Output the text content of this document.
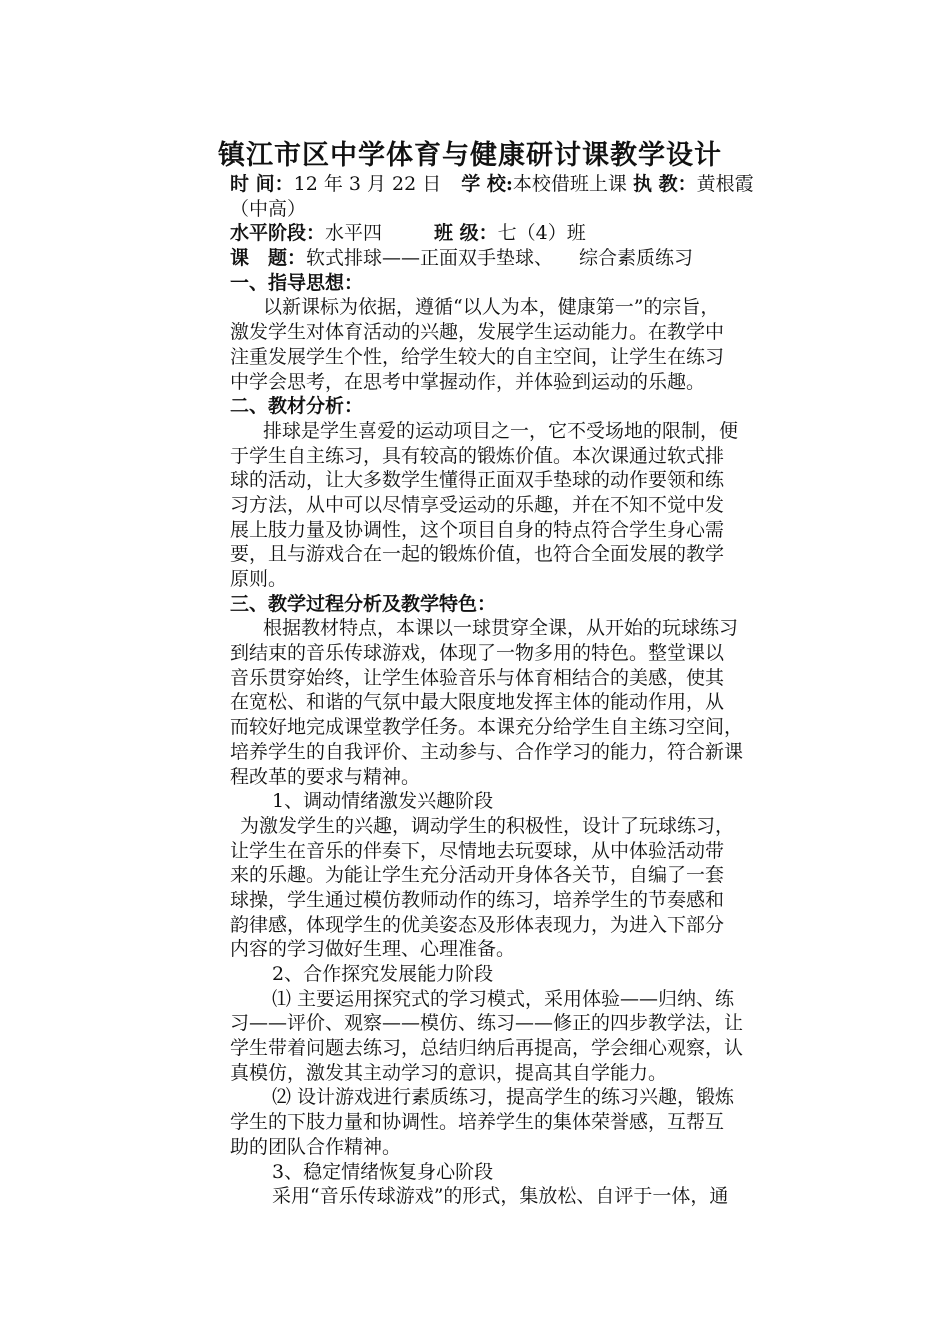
镇江市区中学体育与健康研讨课教学设计
时 间：12 年 3 月 22 日 学 校:本校借班上课 执 教：黄根霞
（中高）
水平阶段：水平四	班 级：七（4）班
课　题：软式排球——正面双手垫球、 综合素质练习
一、指导思想：
以新课标为依据，遵循“以人为本，健康第一”的宗旨，
激发学生对体育活动的兴趣，发展学生运动能力。在教学中
注重发展学生个性，给学生较大的自主空间，让学生在练习
中学会思考，在思考中掌握动作，并体验到运动的乐趣。
二、教材分析：
排球是学生喜爱的运动项目之一，它不受场地的限制，便
于学生自主练习，具有较高的锻炼价值。本次课通过软式排
球的活动，让大多数学生懂得正面双手垫球的动作要领和练
习方法，从中可以尽情享受运动的乐趣，并在不知不觉中发
展上肢力量及协调性，这个项目自身的特点符合学生身心需
要，且与游戏合在一起的锻炼价值，也符合全面发展的教学
原则。
三、教学过程分析及教学特色：
根据教材特点，本课以一球贯穿全课，从开始的玩球练习
到结束的音乐传球游戏，体现了一物多用的特色。整堂课以
音乐贯穿始终，让学生体验音乐与体育相结合的美感，使其
在宽松、和谐的气氛中最大限度地发挥主体的能动作用，从
而较好地完成课堂教学任务。本课充分给学生自主练习空间，
培养学生的自我评价、主动参与、合作学习的能力，符合新课
程改革的要求与精神。
1、调动情绪激发兴趣阶段
为激发学生的兴趣，调动学生的积极性，设计了玩球练习，
让学生在音乐的伴奏下，尽情地去玩耍球，从中体验活动带
来的乐趣。为能让学生充分活动开身体各关节，自编了一套
球操，学生通过模仿教师动作的练习，培养学生的节奏感和
韵律感，体现学生的优美姿态及形体表现力，为进入下部分
内容的学习做好生理、心理准备。
2、合作探究发展能力阶段
⑴ 主要运用探究式的学习模式，采用体验——归纳、练
习——评价、观察——模仿、练习——修正的四步教学法，让
学生带着问题去练习，总结归纳后再提高，学会细心观察，认
真模仿，激发其主动学习的意识，提高其自学能力。
⑵ 设计游戏进行素质练习，提高学生的练习兴趣，锻炼
学生的下肢力量和协调性。培养学生的集体荣誉感，互帮互
助的团队合作精神。
3、稳定情绪恢复身心阶段
采用“音乐传球游戏”的形式，集放松、自评于一体，通
